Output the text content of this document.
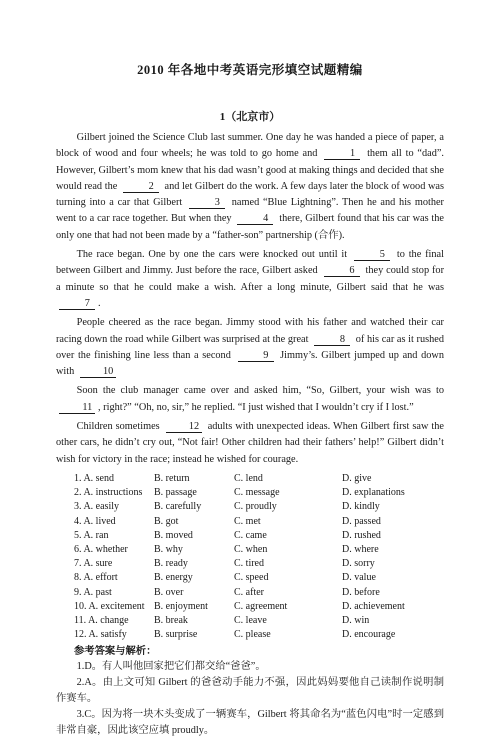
2010 年各地中考英语完形填空试题精编
1（北京市）

Gilbert joined the Science Club last summer. One day he was handed a piece of paper, a block of wood and four wheels; he was told to go home and	1 them all to “dad”. However, Gilbert’s mom knew that his dad wasn’t good at making things and decided that she would read the	2 and let Gilbert do the work. A few days later the block of wood was turning into a car that Gilbert	3 named “Blue Lightning”. Then he and his mother went to a car race together. But when they	4 there, Gilbert found that his car was the only one that had not been made by a “father-son” partnership (合作).

The race began. One by one the cars were knocked out until it	5 to the final between Gilbert and Jimmy. Just before the race, Gilbert asked	6 they could stop for a minute so that he could make a wish. After a long minute, Gilbert said that he was 7 .

People cheered as the race began. Jimmy stood with his father and watched their car racing down the road while Gilbert was surprised at the great	8 of his car as it rushed over the finishing line less than a second	9 Jimmy’s. Gilbert jumped up and down with	10

Soon the club manager came over and asked him, “So, Gilbert, your wish was to 11 , right?” “Oh, no, sir,” he replied. “I just wished that I wouldn’t cry if I lost.”

Children sometimes	12 adults with unexpected ideas. When Gilbert first saw the other cars, he didn’t cry out, “Not fair! Other children had their fathers’ help!” Gilbert didn’t wish for victory in the race; instead he wished for courage.

1. A. send	B. return	C. lend	D. give
2. A. instructions	B. passage	C. message	D. explanations
3. A. easily	B. carefully	C. proudly	D. kindly
4. A. lived	B. got	C. met	D. passed
5. A. ran	B. moved	C. came	D. rushed
6. A. whether	B. why	C. when	D. where
7. A. sure	B. ready	C. tired	D. sorry
8. A. effort	B. energy	C. speed	D. value
9. A. past	B. over	C. after	D. before
10. A. excitement B. enjoyment	C. agreement	D. achievement
11. A. change	B. break	C. leave	D. win
12. A. satisfy	B. surprise	C. please	D. encourage
参考答案与解析：

1.D。有人叫他回家把它们都交给“爸爸”。

2.A。由上文可知 Gilbert 的爸爸动手能力不强，因此妈妈要他自己读制作说明制作赛车。

3.C。因为将一块木头变成了一辆赛车，Gilbert 将其命名为“蓝色闪电”时一定感到非常自豪，因此该空应填 proudly。
